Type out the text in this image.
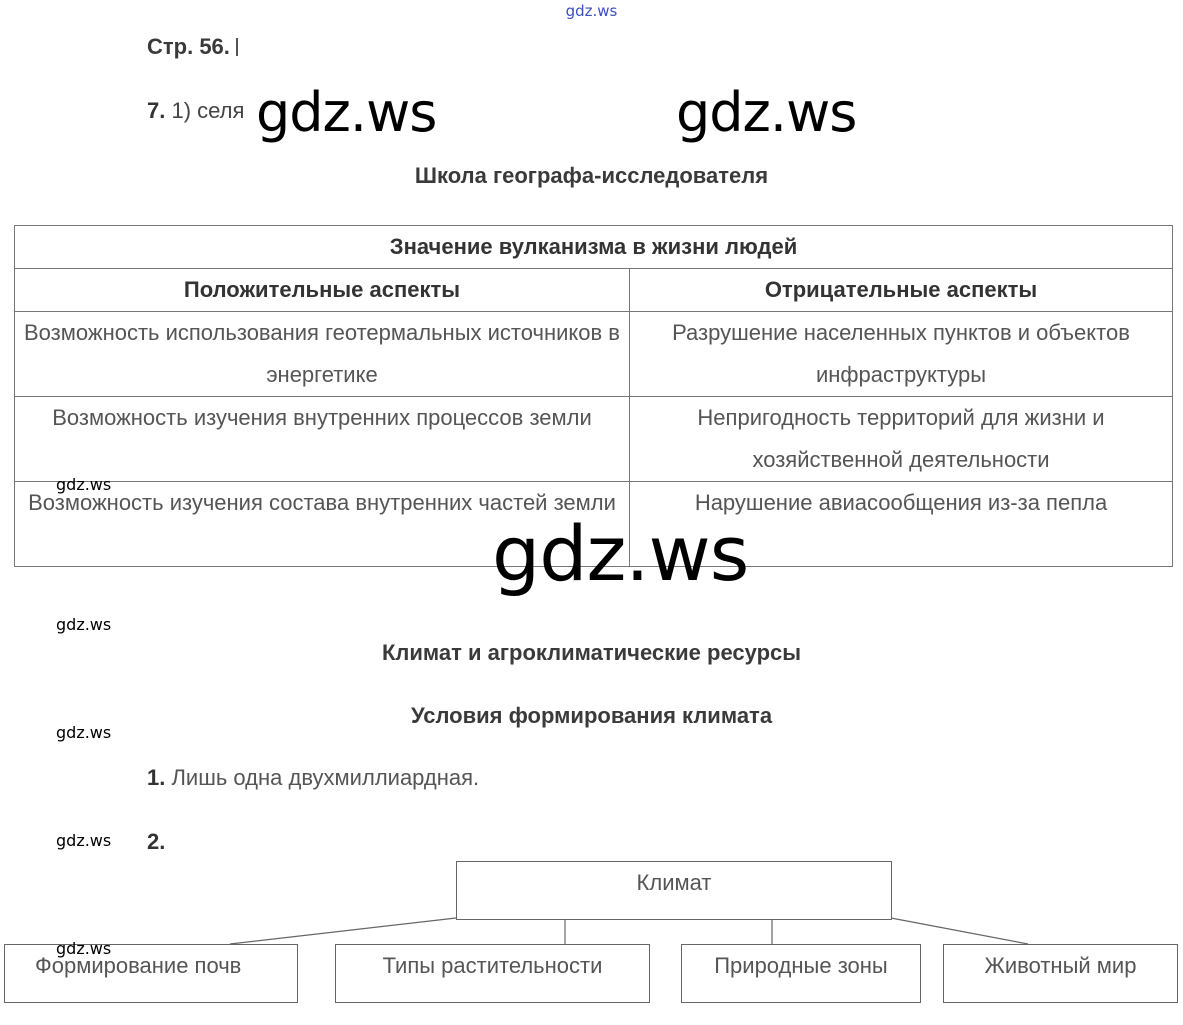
gdz.ws
Стр. 56.
7. 1) селя gdz.ws	gdz.ws
Школа географа-исследователя
Значение вулканизма в жизни людей	
Положительные аспекты	Отрицательные аспекты
Возможность использования геотермальных источников в энергетике	Разрушение населенных пунктов и объектов инфраструктуры
Возможность изучения внутренних процессов земли	Непригодность территорий для жизни и хозяйственной деятельности
Возможность изучения состава внутренних частей земли	Нарушение авиасообщения из-за пепла
gdz.ws
gdz.ws
gdz.ws
Климат и агроклиматические ресурсы
Условия формирования климата
gdz.ws
1. Лишь одна двухмиллиардная.
gdz.ws 2.
Климат
Формирование почв	Типы растительности	Природные зоны	Животный мир
gdz.ws
